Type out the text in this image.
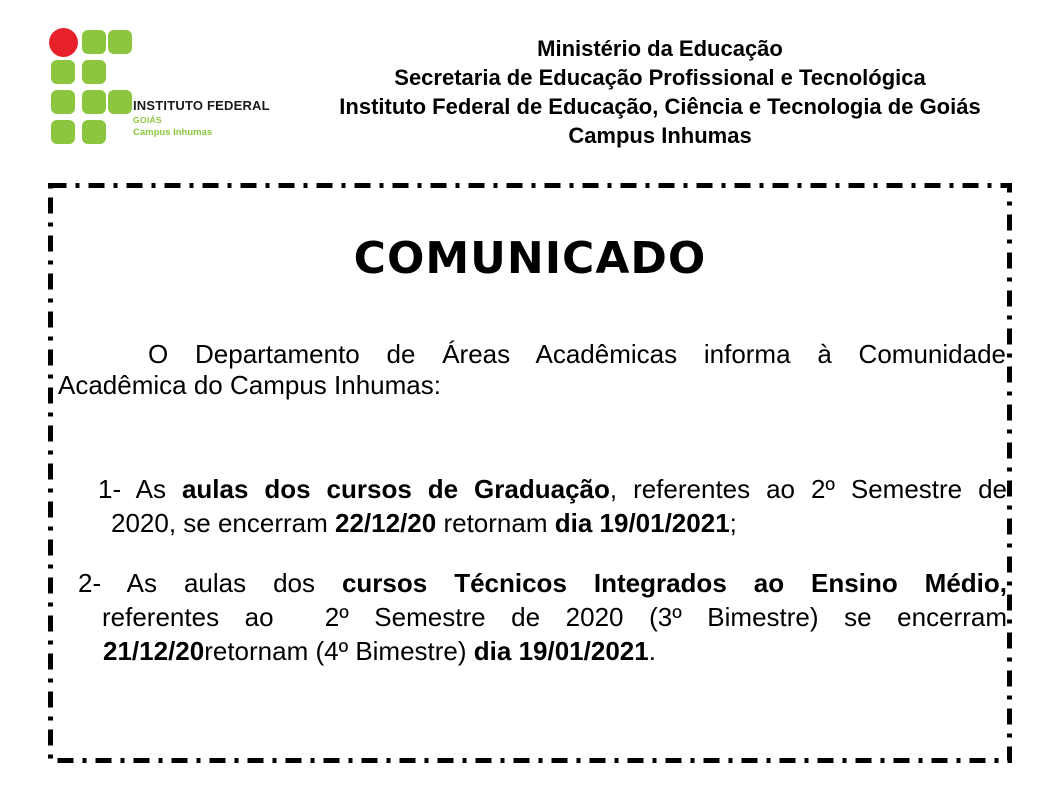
INSTITUTO FEDERAL
GOIÁS
Campus Inhumas
Ministério da Educação
Secretaria de Educação Profissional e Tecnológica
Instituto Federal de Educação, Ciência e Tecnologia de Goiás
Campus Inhumas
COMUNICADO
O Departamento de Áreas Acadêmicas informa à Comunidade
Acadêmica do Campus Inhumas:
1- As aulas dos cursos de Graduação, referentes ao 2º Semestre de
2020, se encerram 22/12/20 retornam dia 19/01/2021;
2- As aulas dos cursos Técnicos Integrados ao Ensino Médio,
referentes ao  2º Semestre de 2020 (3º Bimestre) se encerram
21/12/20retornam (4º Bimestre) dia 19/01/2021.
